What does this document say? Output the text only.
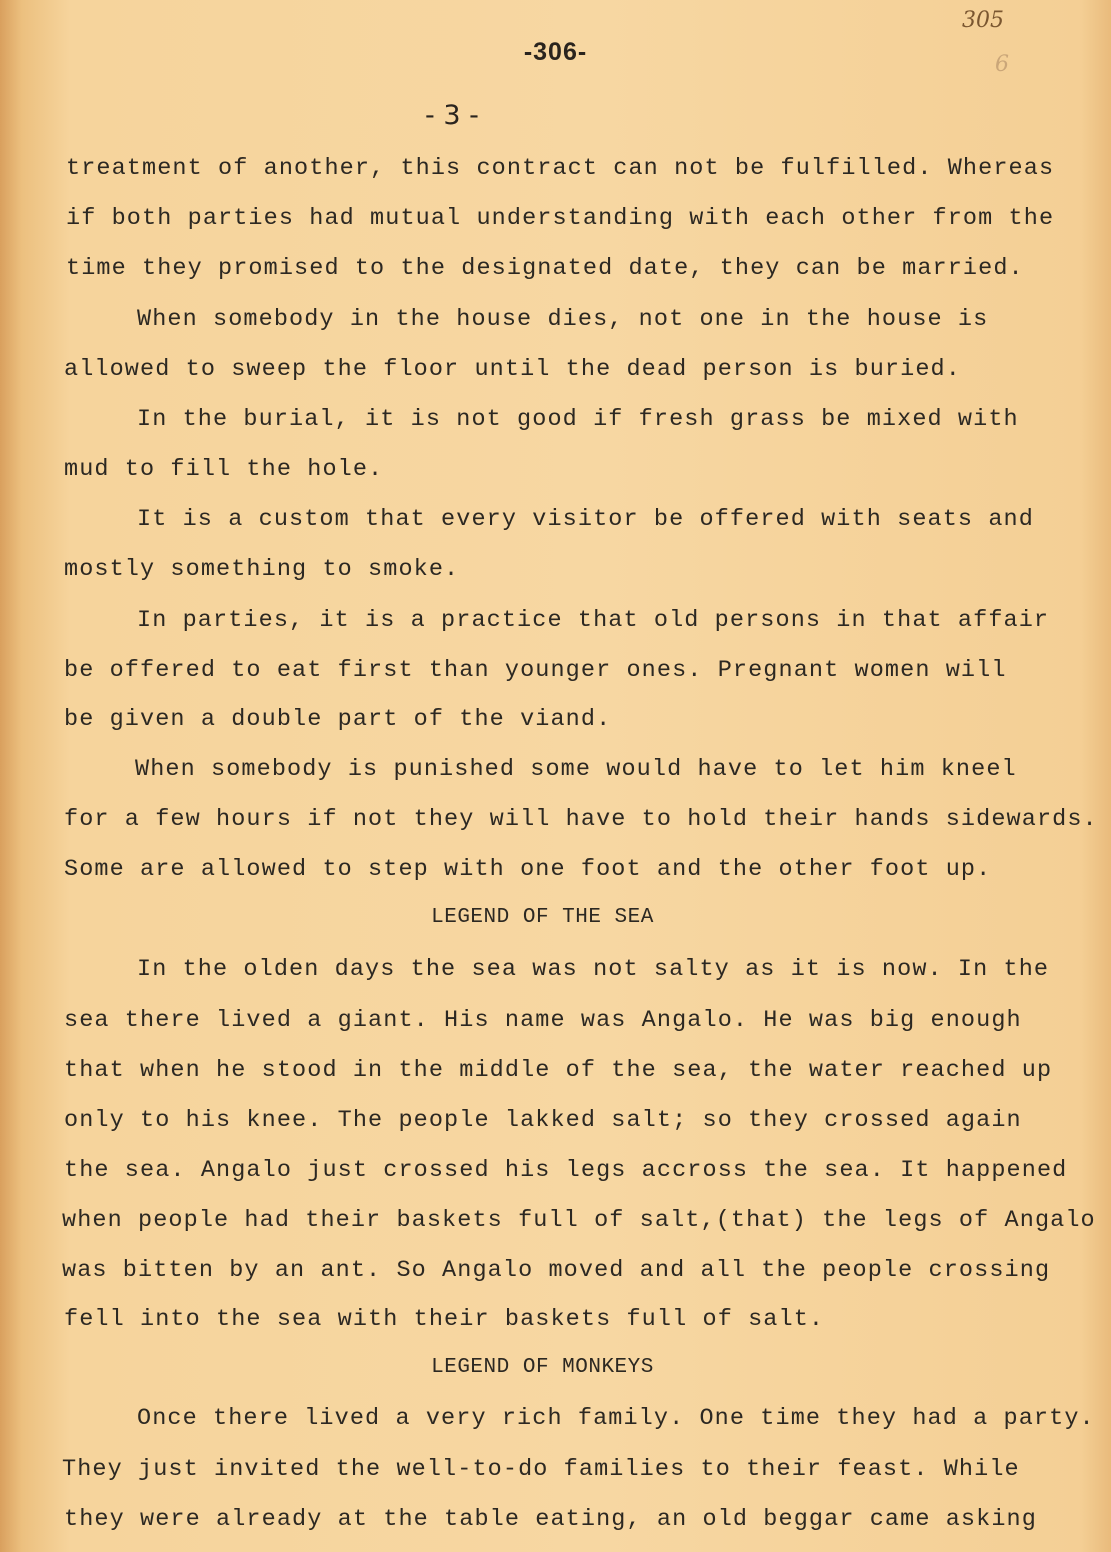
305
6
-306-
- 3 -
treatment of another, this contract can not be fulfilled. Whereas
if both parties had mutual understanding with each other from the
time they promised to the designated date, they can be married.
When somebody in the house dies, not one in the house is
allowed to sweep the floor until the dead person is buried.
In the burial, it is not good if fresh grass be mixed with
mud to fill the hole.
It is a custom that every visitor be offered with seats and
mostly something to smoke.
In parties, it is a practice that old persons in that affair
be offered to eat first than younger ones. Pregnant women will
be given a double part of the viand.
When somebody is punished some would have to let him kneel
for a few hours if not they will have to hold their hands sidewards.
Some are allowed to step with one foot and the other foot up.
LEGEND OF THE SEA
In the olden days the sea was not salty as it is now. In the
sea there lived a giant. His name was Angalo. He was big enough
that when he stood in the middle of the sea, the water reached up
only to his knee. The people lakked salt; so they crossed again
the sea. Angalo just crossed his legs accross the sea. It happened
when people had their baskets full of salt,(that) the legs of Angalo
was bitten by an ant. So Angalo moved and all the people crossing
fell into the sea with their baskets full of salt.
LEGEND OF MONKEYS
Once there lived a very rich family. One time they had a party.
They just invited the well-to-do families to their feast. While
they were already at the table eating, an old beggar came asking
